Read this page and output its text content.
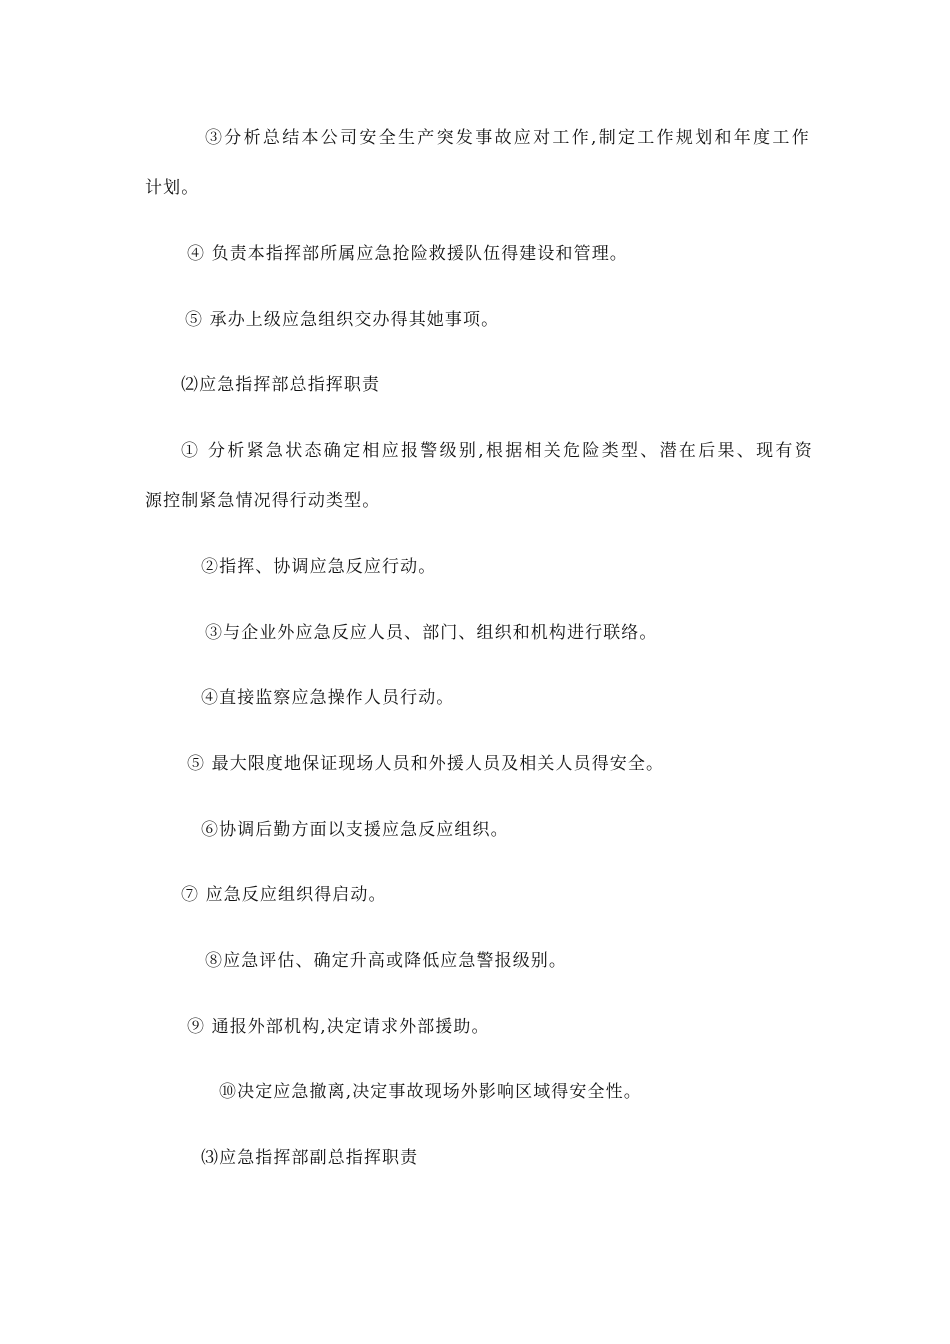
③分析总结本公司安全生产突发事故应对工作,制定工作规划和年度工作

计划。

④ 负责本指挥部所属应急抢险救援队伍得建设和管理。

⑤ 承办上级应急组织交办得其她事项。

⑵应急指挥部总指挥职责

① 分析紧急状态确定相应报警级别,根据相关危险类型、潜在后果、现有资

源控制紧急情况得行动类型。

②指挥、协调应急反应行动。

③与企业外应急反应人员、部门、组织和机构进行联络。

④直接监察应急操作人员行动。

⑤ 最大限度地保证现场人员和外援人员及相关人员得安全。

⑥协调后勤方面以支援应急反应组织。

⑦ 应急反应组织得启动。

⑧应急评估、确定升高或降低应急警报级别。

⑨ 通报外部机构,决定请求外部援助。

⑩决定应急撤离,决定事故现场外影响区域得安全性。

⑶应急指挥部副总指挥职责
